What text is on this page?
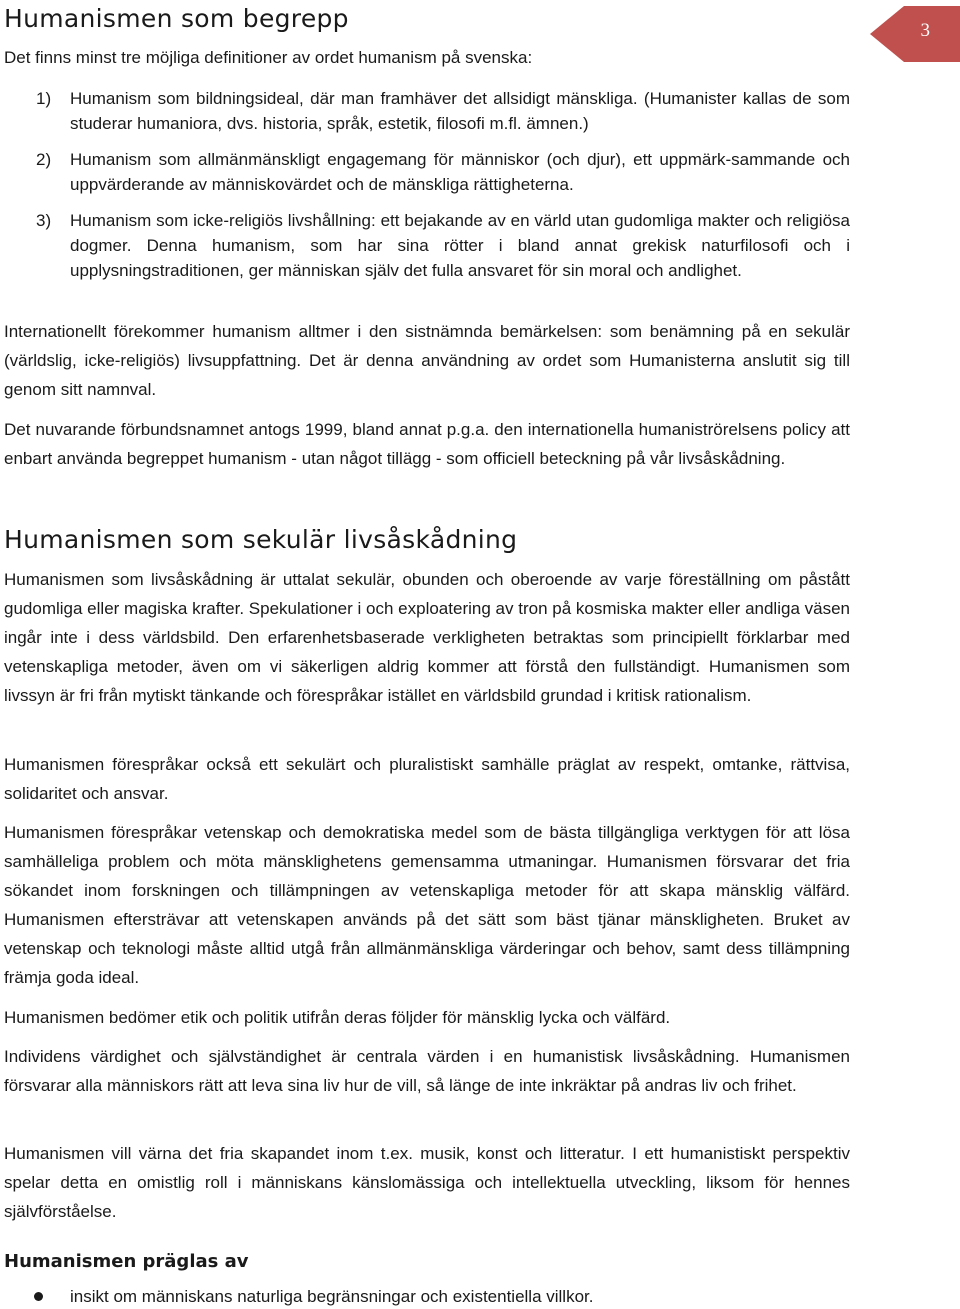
3
Humanismen som begrepp
Det finns minst tre möjliga definitioner av ordet humanism på svenska:
1) Humanism som bildningsideal, där man framhäver det allsidigt mänskliga. (Humanister kallas de som studerar humaniora, dvs. historia, språk, estetik, filosofi m.fl. ämnen.)
2) Humanism som allmänmänskligt engagemang för människor (och djur), ett uppmärk-sammande och uppvärderande av människovärdet och de mänskliga rättigheterna.
3) Humanism som icke-religiös livshållning: ett bejakande av en värld utan gudomliga makter och religiösa dogmer. Denna humanism, som har sina rötter i bland annat grekisk naturfilosofi och i upplysningstraditionen, ger människan själv det fulla ansvaret för sin moral och andlighet.
Internationellt förekommer humanism alltmer i den sistnämnda bemärkelsen: som benämning på en sekulär (världslig, icke-religiös) livsuppfattning. Det är denna användning av ordet som Humanisterna anslutit sig till genom sitt namnval.
Det nuvarande förbundsnamnet antogs 1999, bland annat p.g.a. den internationella humaniströrelsens policy att enbart använda begreppet humanism - utan något tillägg - som officiell beteckning på vår livsåskådning.
Humanismen som sekulär livsåskådning
Humanismen som livsåskådning är uttalat sekulär, obunden och oberoende av varje föreställning om påstått gudomliga eller magiska krafter. Spekulationer i och exploatering av tron på kosmiska makter eller andliga väsen ingår inte i dess världsbild. Den erfarenhetsbaserade verkligheten betraktas som principiellt förklarbar med vetenskapliga metoder, även om vi säkerligen aldrig kommer att förstå den fullständigt. Humanismen som livssyn är fri från mytiskt tänkande och förespråkar istället en världsbild grundad i kritisk rationalism.
Humanismen förespråkar också ett sekulärt och pluralistiskt samhälle präglat av respekt, omtanke, rättvisa, solidaritet och ansvar.
Humanismen förespråkar vetenskap och demokratiska medel som de bästa tillgängliga verktygen för att lösa samhälleliga problem och möta mänsklighetens gemensamma utmaningar. Humanismen försvarar det fria sökandet inom forskningen och tillämpningen av vetenskapliga metoder för att skapa mänsklig välfärd. Humanismen eftersträvar att vetenskapen används på det sätt som bäst tjänar mänskligheten. Bruket av vetenskap och teknologi måste alltid utgå från allmänmänskliga värderingar och behov, samt dess tillämpning främja goda ideal.
Humanismen bedömer etik och politik utifrån deras följder för mänsklig lycka och välfärd.
Individens värdighet och självständighet är centrala värden i en humanistisk livsåskådning. Humanismen försvarar alla människors rätt att leva sina liv hur de vill, så länge de inte inkräktar på andras liv och frihet.
Humanismen vill värna det fria skapandet inom t.ex. musik, konst och litteratur. I ett humanistiskt perspektiv spelar detta en omistlig roll i människans känslomässiga och intellektuella utveckling, liksom för hennes självförståelse.
Humanismen präglas av
insikt om människans naturliga begränsningar och existentiella villkor.
